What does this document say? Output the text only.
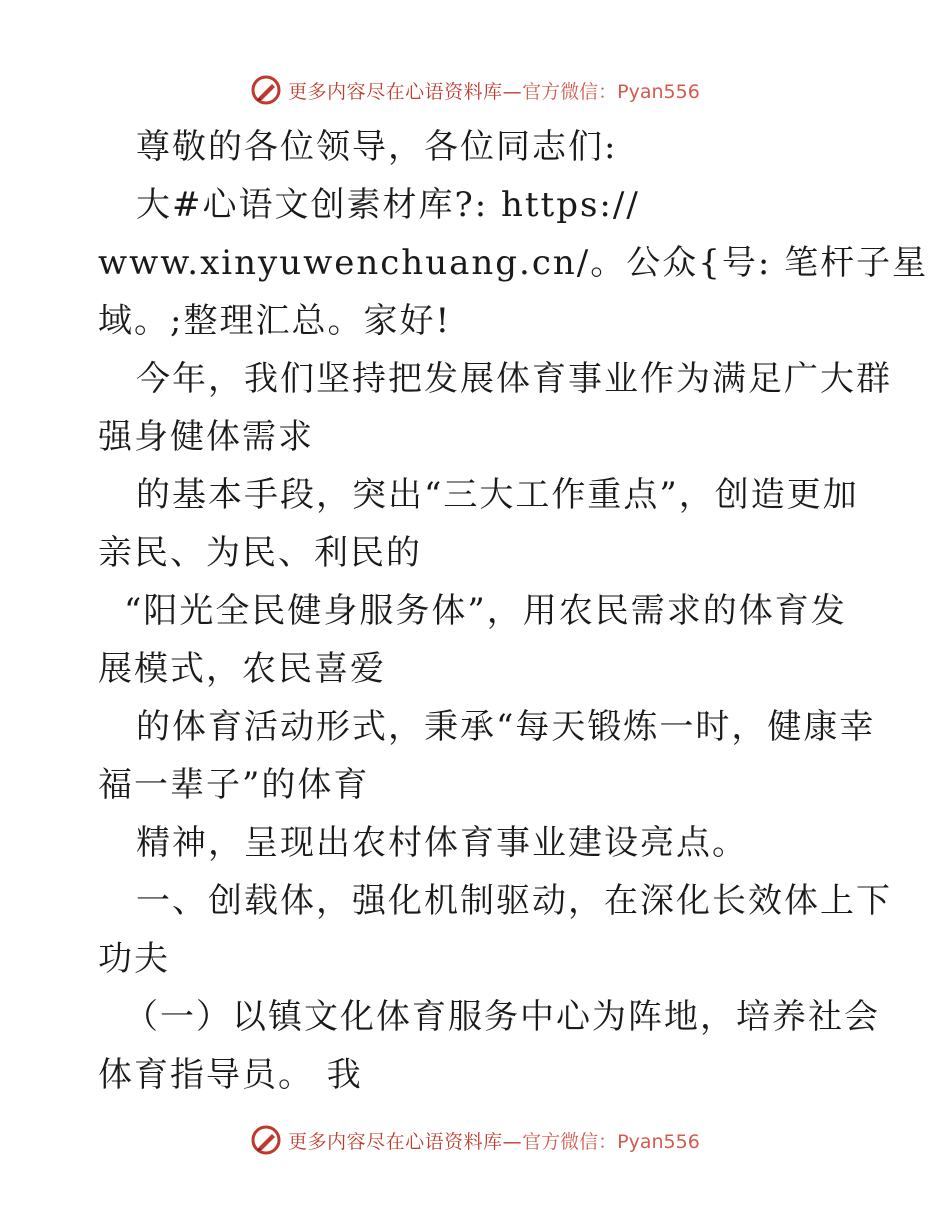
更多内容尽在心语资料库— 官方微信：Pyan556
尊敬的各位领导，各位同志们:
大#心语文创素材库?: https://
www.xinyuwenchuang.cn/。公众{号: 笔杆子星
域。;整理汇总。家好!
今年，我们坚持把发展体育事业作为满足广大群
强身健体需求
的基本手段，突出“三大工作重点”，创造更加
亲民、为民、利民的
“阳光全民健身服务体”，用农民需求的体育发
展模式，农民喜爱
的体育活动形式，秉承“每天锻炼一时，健康幸
福一辈子”的体育
精神，呈现出农村体育事业建设亮点。
一、创载体，强化机制驱动，在深化长效体上下
功夫
（一）以镇文化体育服务中心为阵地，培养社会
体育指导员。 我
更多内容尽在心语资料库— 官方微信：Pyan556
